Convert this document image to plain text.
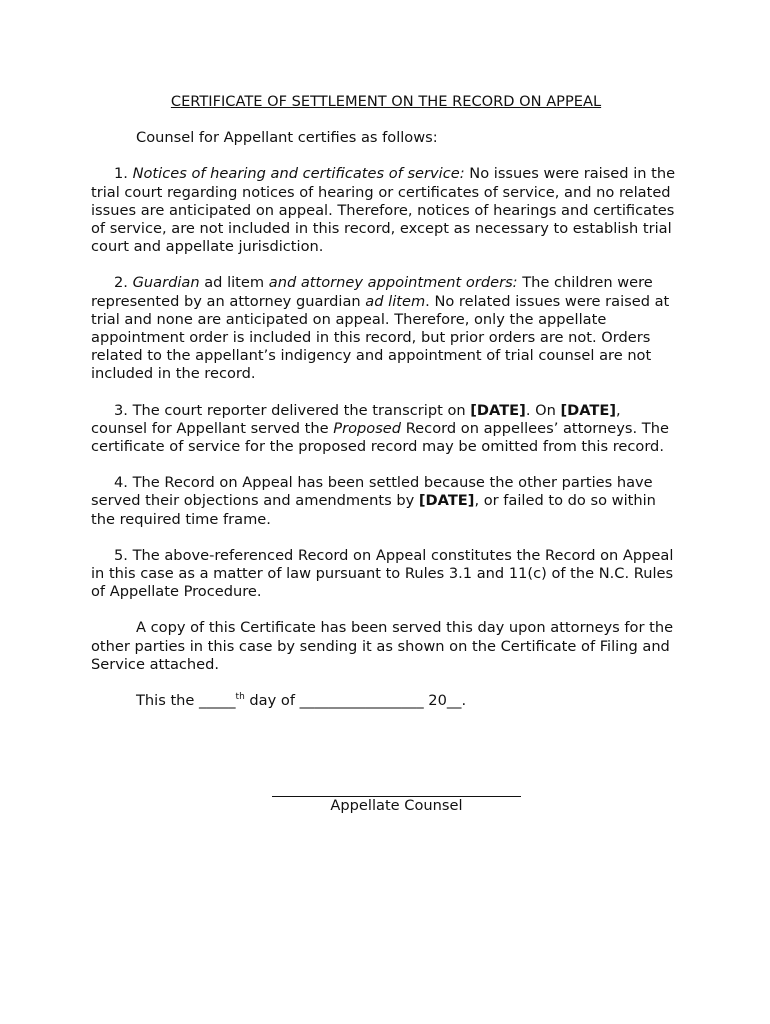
CERTIFICATE OF SETTLEMENT ON THE RECORD ON APPEAL
Counsel for Appellant certifies as follows:
1. Notices of hearing and certificates of service: No issues were raised in the trial court regarding notices of hearing or certificates of service, and no related issues are anticipated on appeal. Therefore, notices of hearings and certificates of service, are not included in this record, except as necessary to establish trial court and appellate jurisdiction.
2. Guardian ad litem and attorney appointment orders: The children were represented by an attorney guardian ad litem. No related issues were raised at trial and none are anticipated on appeal. Therefore, only the appellate appointment order is included in this record, but prior orders are not. Orders related to the appellant’s indigency and appointment of trial counsel are not included in the record.
3. The court reporter delivered the transcript on [DATE]. On [DATE], counsel for Appellant served the Proposed Record on appellees’ attorneys. The certificate of service for the proposed record may be omitted from this record.
4. The Record on Appeal has been settled because the other parties have served their objections and amendments by [DATE], or failed to do so within the required time frame.
5. The above-referenced Record on Appeal constitutes the Record on Appeal in this case as a matter of law pursuant to Rules 3.1 and 11(c) of the N.C. Rules of Appellate Procedure.
A copy of this Certificate has been served this day upon attorneys for the other parties in this case by sending it as shown on the Certificate of Filing and Service attached.
This the _____$^{th}$ day of _________________ 20__.
Appellate Counsel
